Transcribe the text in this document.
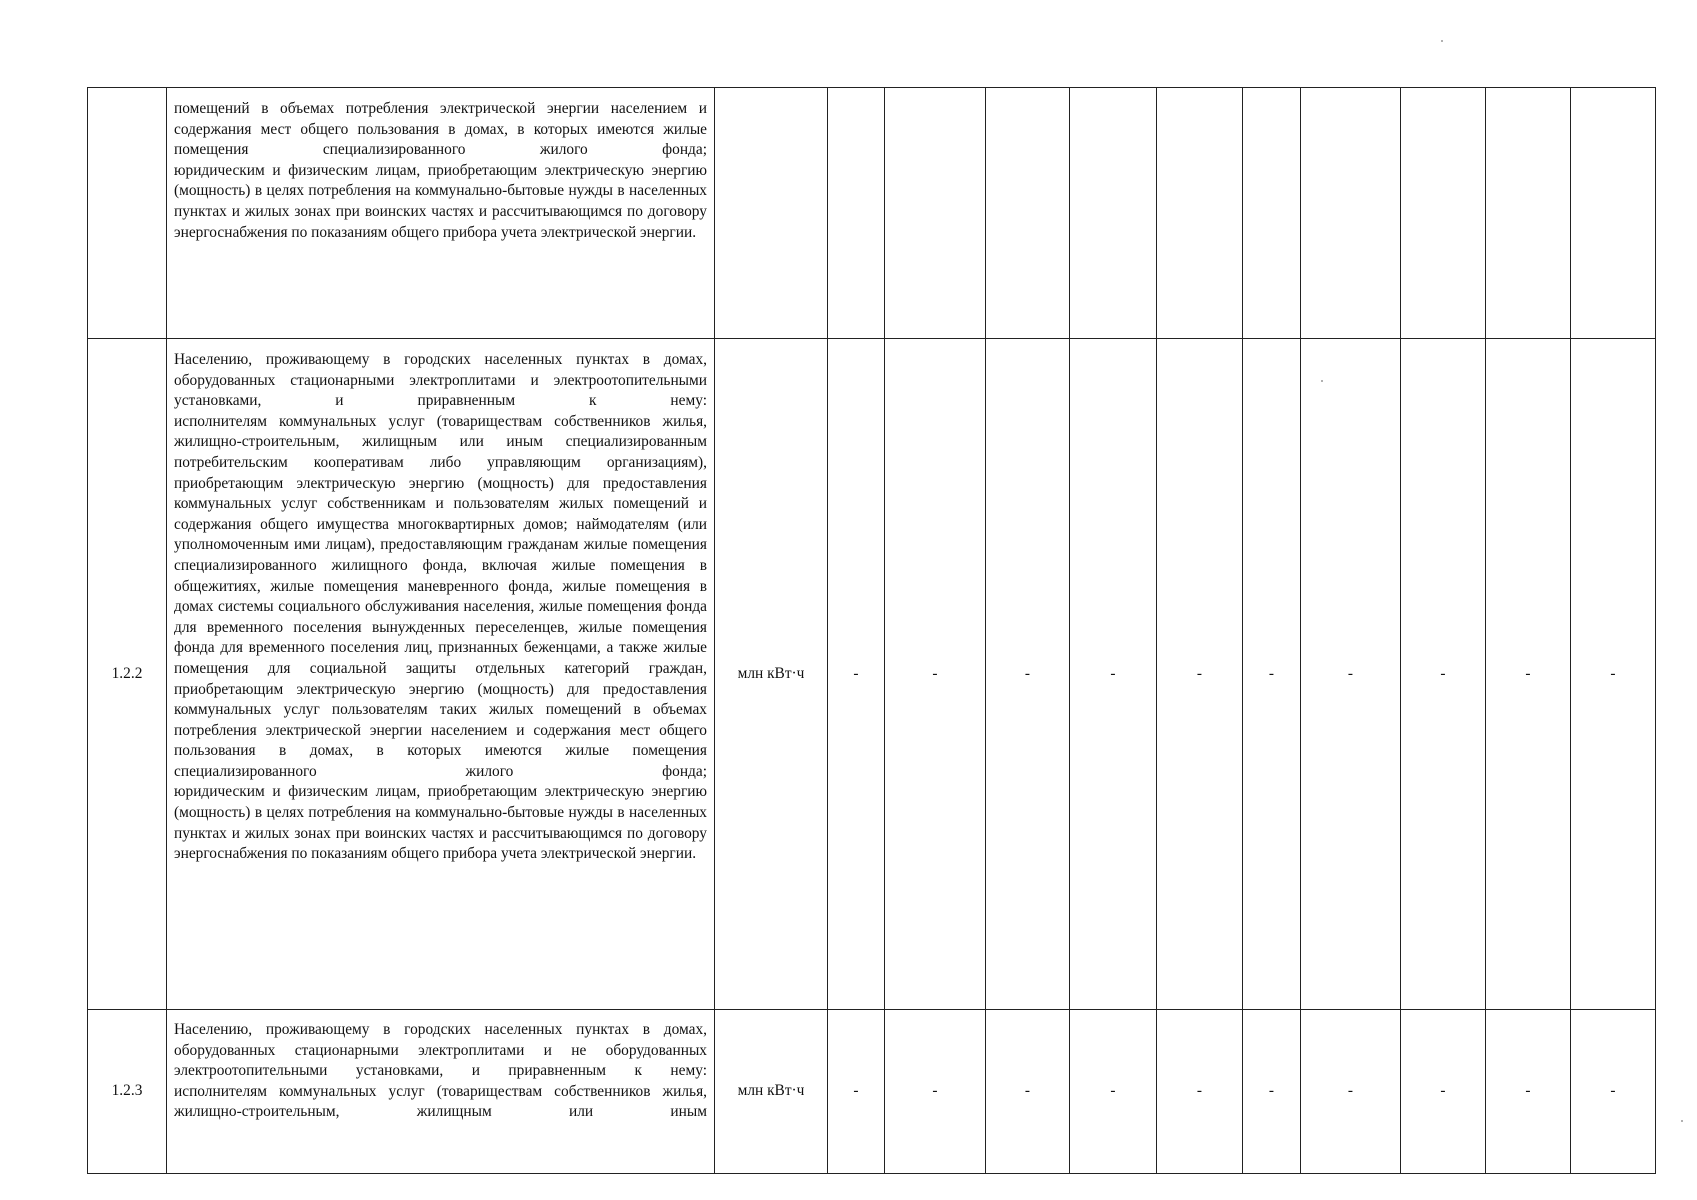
	помещений в объемах потребления электрической энергии населением и содержания мест общего пользования в домах, в которых имеются жилые помещения специализированного жилого фонда;

юридическим и физическим лицам, приобретающим электрическую энергию (мощность) в целях потребления на коммунально-бытовые нужды в населенных пунктах и жилых зонах при воинских частях и рассчитывающимся по договору энергоснабжения по показаниям общего прибора учета электрической энергии.											

1.2.2	Населению, проживающему в городских населенных пунктах в домах, оборудованных стационарными электроплитами и электроотопительными установками, и приравненным к нему:

исполнителям коммунальных услуг (товариществам собственников жилья, жилищно-строительным, жилищным или иным специализированным потребительским кооперативам либо управляющим организациям), приобретающим электрическую энергию (мощность) для предоставления коммунальных услуг собственникам и пользователям жилых помещений и содержания общего имущества многоквартирных домов; наймодателям (или уполномоченным ими лицам), предоставляющим гражданам жилые помещения специализированного жилищного фонда, включая жилые помещения в общежитиях, жилые помещения маневренного фонда, жилые помещения в домах системы социального обслуживания населения, жилые помещения фонда для временного поселения вынужденных переселенцев, жилые помещения фонда для временного поселения лиц, признанных беженцами, а также жилые помещения для социальной защиты отдельных категорий граждан, приобретающим электрическую энергию (мощность) для предоставления коммунальных услуг пользователям таких жилых помещений в объемах потребления электрической энергии населением и содержания мест общего пользования в домах, в которых имеются жилые помещения специализированного жилого фонда;

юридическим и физическим лицам, приобретающим электрическую энергию (мощность) в целях потребления на коммунально-бытовые нужды в населенных пунктах и жилых зонах при воинских частях и рассчитывающимся по договору энергоснабжения по показаниям общего прибора учета электрической энергии.	млн кВт·ч	-	-	-	-	-	-	-	-	-	-
1.2.3	Населению, проживающему в городских населенных пунктах в домах, оборудованных стационарными электроплитами и не оборудованных электроотопительными установками, и приравненным к нему:

исполнителям коммунальных услуг (товариществам собственников жилья, жилищно-строительным, жилищным или иным	млн кВт·ч	-	-	-	-	-	-	-	-	-	-
